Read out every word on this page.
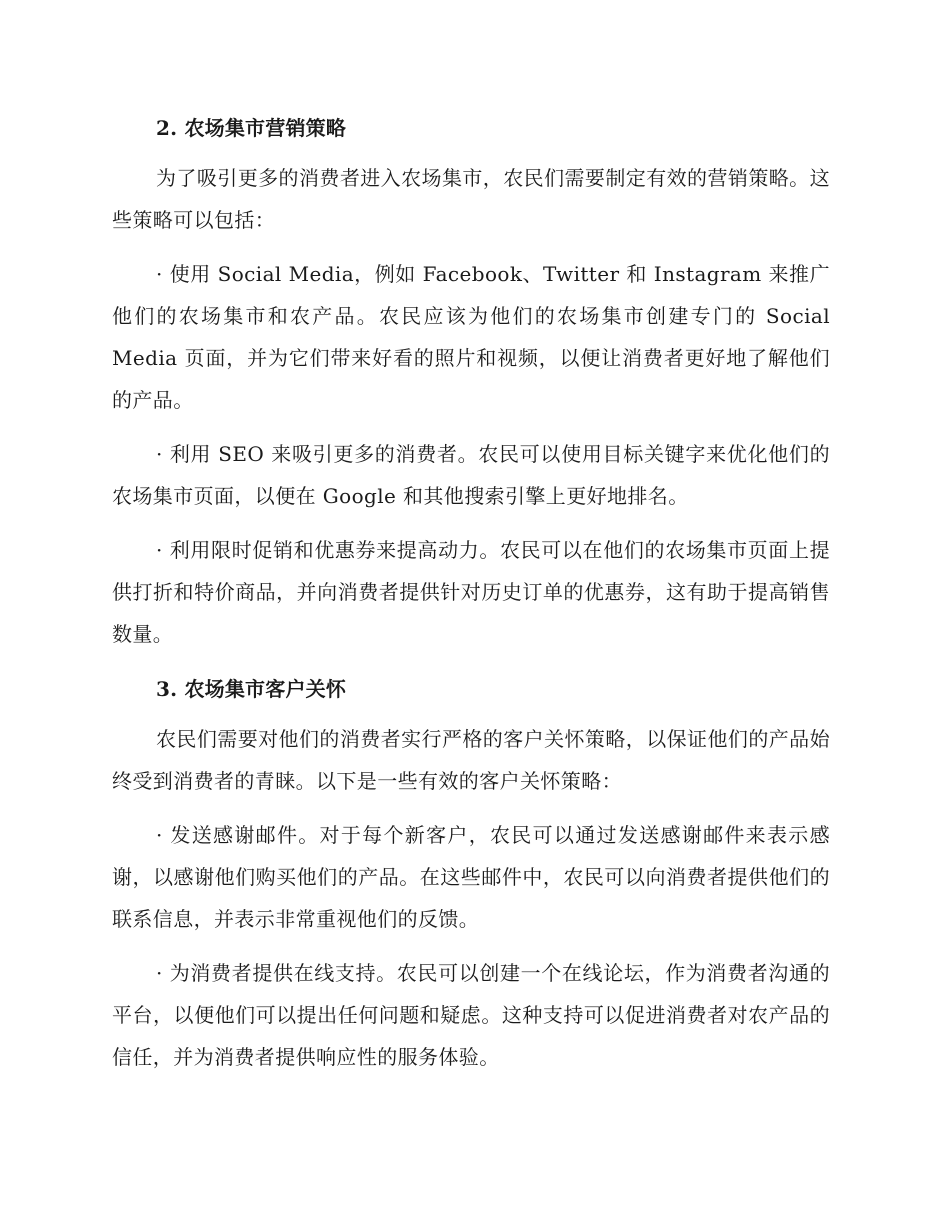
2. 农场集市营销策略

为了吸引更多的消费者进入农场集市，农民们需要制定有效的营销策略。这些策略可以包括：

· 使用 Social Media，例如 Facebook、Twitter 和 Instagram 来推广他们的农场集市和农产品。农民应该为他们的农场集市创建专门的 Social Media 页面，并为它们带来好看的照片和视频，以便让消费者更好地了解他们的产品。

· 利用 SEO 来吸引更多的消费者。农民可以使用目标关键字来优化他们的农场集市页面，以便在 Google 和其他搜索引擎上更好地排名。

· 利用限时促销和优惠券来提高动力。农民可以在他们的农场集市页面上提供打折和特价商品，并向消费者提供针对历史订单的优惠券，这有助于提高销售数量。

3. 农场集市客户关怀

农民们需要对他们的消费者实行严格的客户关怀策略，以保证他们的产品始终受到消费者的青睐。以下是一些有效的客户关怀策略：

· 发送感谢邮件。对于每个新客户，农民可以通过发送感谢邮件来表示感谢，以感谢他们购买他们的产品。在这些邮件中，农民可以向消费者提供他们的联系信息，并表示非常重视他们的反馈。

· 为消费者提供在线支持。农民可以创建一个在线论坛，作为消费者沟通的平台，以便他们可以提出任何问题和疑虑。这种支持可以促进消费者对农产品的信任，并为消费者提供响应性的服务体验。
